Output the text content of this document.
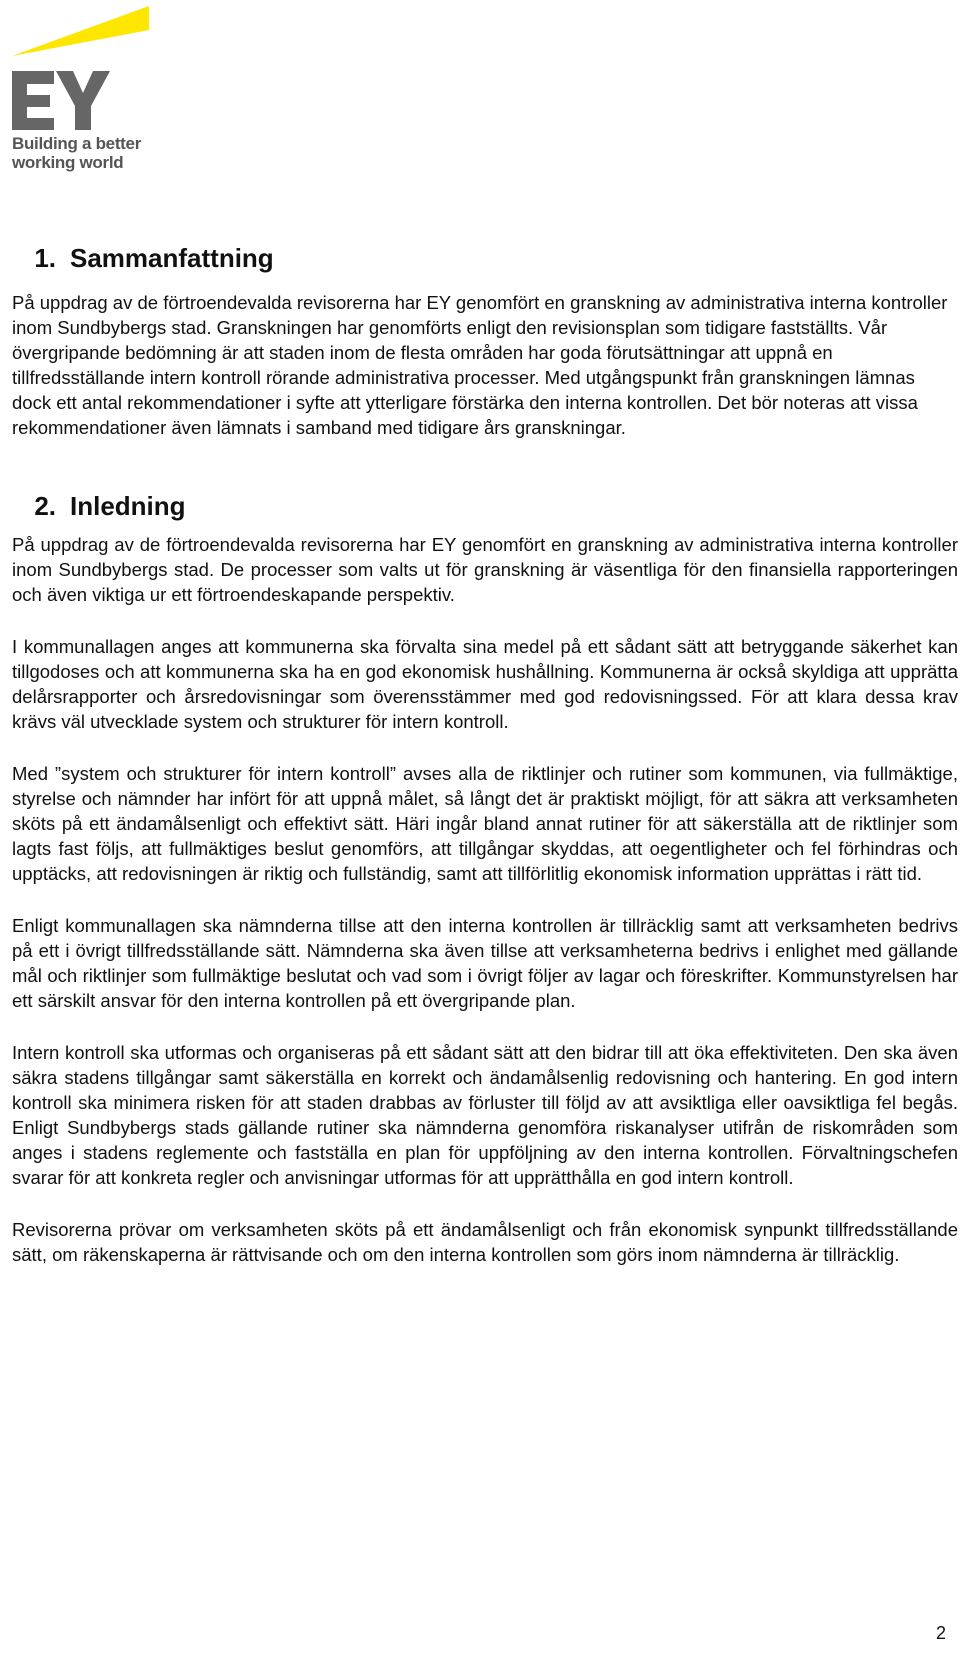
Building a better
working world
1. Sammanfattning

På uppdrag av de förtroendevalda revisorerna har EY genomfört en granskning av administrativa interna kontroller inom Sundbybergs stad. Granskningen har genomförts enligt den revisionsplan som tidigare fastställts. Vår övergripande bedömning är att staden inom de flesta områden har goda förutsättningar att uppnå en tillfredsställande intern kontroll rörande administrativa processer. Med utgångspunkt från granskningen lämnas dock ett antal rekommendationer i syfte att ytterligare förstärka den interna kontrollen. Det bör noteras att vissa rekommendationer även lämnats i samband med tidigare års granskningar.

2. Inledning

På uppdrag av de förtroendevalda revisorerna har EY genomfört en granskning av administrativa interna kontroller inom Sundbybergs stad. De processer som valts ut för granskning är väsentliga för den finansiella rapporteringen och även viktiga ur ett förtroendeskapande perspektiv.

I kommunallagen anges att kommunerna ska förvalta sina medel på ett sådant sätt att betryggande säkerhet kan tillgodoses och att kommunerna ska ha en god ekonomisk hushållning. Kommunerna är också skyldiga att upprätta delårsrapporter och årsredovisningar som överensstämmer med god redovisningssed. För att klara dessa krav krävs väl utvecklade system och strukturer för intern kontroll.

Med ”system och strukturer för intern kontroll” avses alla de riktlinjer och rutiner som kommunen, via fullmäktige, styrelse och nämnder har infört för att uppnå målet, så långt det är praktiskt möjligt, för att säkra att verksamheten sköts på ett ändamålsenligt och effektivt sätt. Häri ingår bland annat rutiner för att säkerställa att de riktlinjer som lagts fast följs, att fullmäktiges beslut genomförs, att tillgångar skyddas, att oegentligheter och fel förhindras och upptäcks, att redovisningen är riktig och fullständig, samt att tillförlitlig ekonomisk information upprättas i rätt tid.

Enligt kommunallagen ska nämnderna tillse att den interna kontrollen är tillräcklig samt att verksamheten bedrivs på ett i övrigt tillfredsställande sätt. Nämnderna ska även tillse att verksamheterna bedrivs i enlighet med gällande mål och riktlinjer som fullmäktige beslutat och vad som i övrigt följer av lagar och föreskrifter. Kommunstyrelsen har ett särskilt ansvar för den interna kontrollen på ett övergripande plan.

Intern kontroll ska utformas och organiseras på ett sådant sätt att den bidrar till att öka effektiviteten. Den ska även säkra stadens tillgångar samt säkerställa en korrekt och ändamålsenlig redovisning och hantering. En god intern kontroll ska minimera risken för att staden drabbas av förluster till följd av att avsiktliga eller oavsiktliga fel begås. Enligt Sundbybergs stads gällande rutiner ska nämnderna genomföra riskanalyser utifrån de riskområden som anges i stadens reglemente och fastställa en plan för uppföljning av den interna kontrollen. Förvaltningschefen svarar för att konkreta regler och anvisningar utformas för att upprätthålla en god intern kontroll.

Revisorerna prövar om verksamheten sköts på ett ändamålsenligt och från ekonomisk synpunkt tillfredsställande sätt, om räkenskaperna är rättvisande och om den interna kontrollen som görs inom nämnderna är tillräcklig.

2
